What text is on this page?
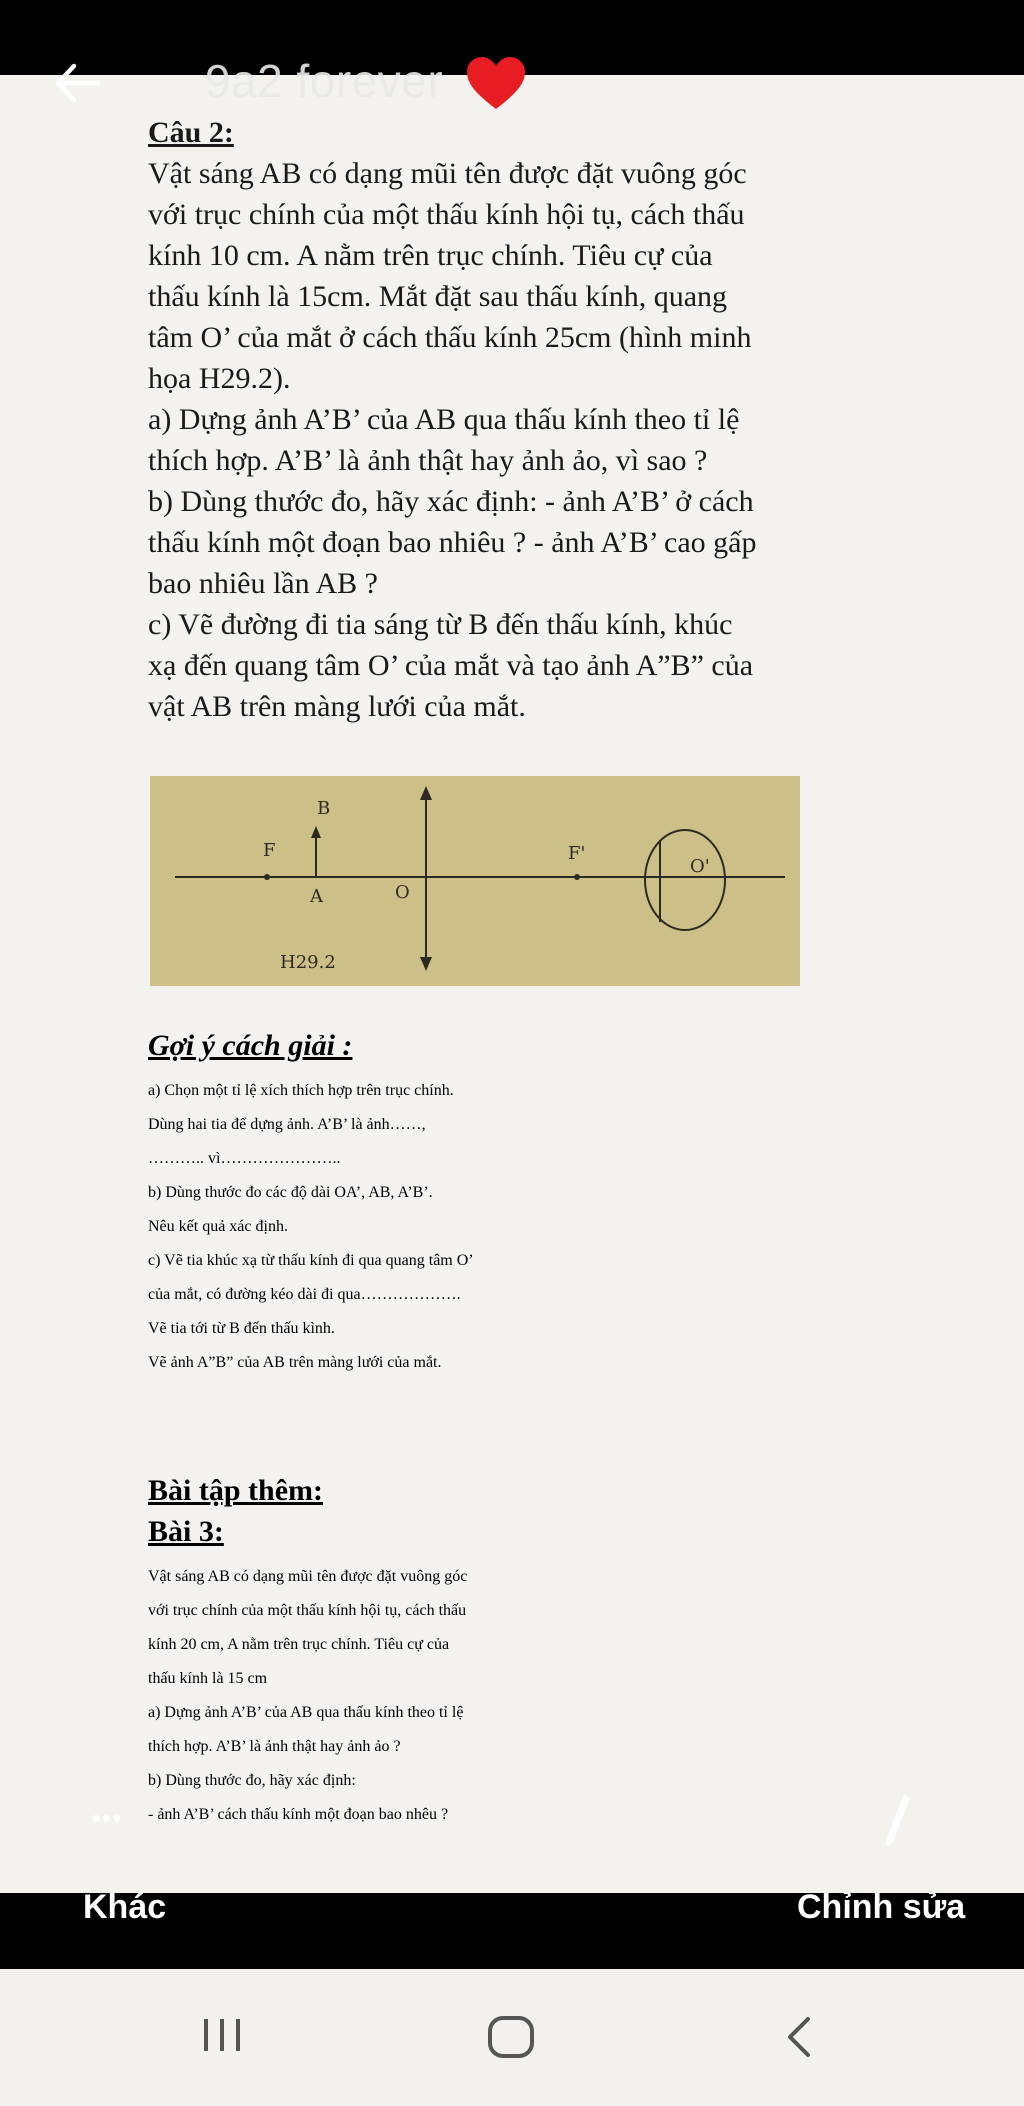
Câu 2:

Vật sáng AB có dạng mũi tên được đặt vuông góc

với trục chính của một thấu kính hội tụ, cách thấu

kính 10 cm. A nằm trên trục chính. Tiêu cự của

thấu kính là 15cm. Mắt đặt sau thấu kính, quang

tâm O’ của mắt ở cách thấu kính 25cm (hình minh

họa H29.2).

a) Dựng ảnh A’B’ của AB qua thấu kính theo tỉ lệ

thích hợp. A’B’ là ảnh thật hay ảnh ảo, vì sao ?

b) Dùng thước đo, hãy xác định: - ảnh A’B’ ở cách

thấu kính một đoạn bao nhiêu ? - ảnh A’B’ cao gấp

bao nhiêu lần AB ?

c) Vẽ đường đi tia sáng từ B đến thấu kính, khúc

xạ đến quang tâm O’ của mắt và tạo ảnh A”B” của

vật AB trên màng lưới của mắt.

B
F
A	O
F'
O'
H29.2

Gợi ý cách giải :

a) Chọn một tỉ lệ xích thích hợp trên trục chính.

Dùng hai tia để dựng ảnh. A’B’ là ảnh……,

……….. vì…………………..

b) Dùng thước đo các độ dài OA’, AB, A’B’.

Nêu kết quả xác định.

c) Vẽ tia khúc xạ từ thấu kính đi qua quang tâm O’

của mắt, có đường kéo dài đi qua……………….

Vẽ tia tới từ B đến thấu kình.

Vẽ ảnh A”B” của AB trên màng lưới của mắt.

Bài tập thêm:

Bài 3:

Vật sáng AB có dạng mũi tên được đặt vuông góc

với trục chính của một thấu kính hội tụ, cách thấu

kính 20 cm, A nằm trên trục chính. Tiêu cự của

thấu kính là 15 cm

a) Dựng ảnh A’B’ của AB qua thấu kính theo tỉ lệ

thích hợp. A’B’ là ảnh thật hay ảnh ảo ?

b) Dùng thước đo, hãy xác định:

- ảnh A’B’ cách thấu kính một đoạn bao nhêu ?

9a2 forever
•••
Khác	Chỉnh sửa
